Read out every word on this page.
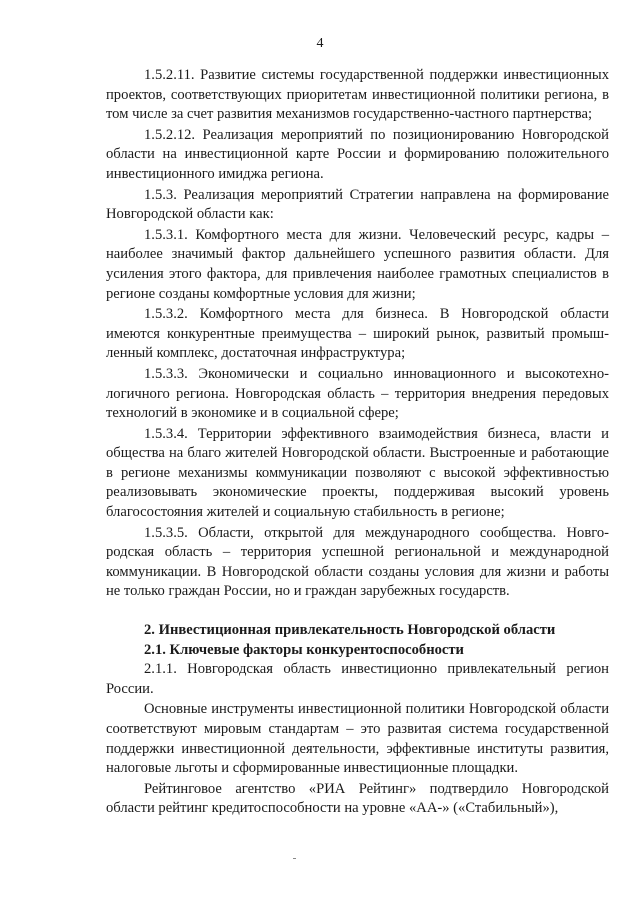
4

1.5.2.11. Развитие системы государственной поддержки инвестиционных проектов, соответствующих приоритетам инвестиционной политики региона, в том числе за счет развития механизмов государственно-частного партнерства;

1.5.2.12. Реализация мероприятий по позиционированию Новгородской области на инвестиционной карте России и формированию положительного инвестиционного имиджа региона.

1.5.3. Реализация мероприятий Стратегии направлена на формирование Новгородской области как:

1.5.3.1. Комфортного места для жизни. Человеческий ресурс, кадры – наиболее значимый фактор дальнейшего успешного развития области. Для усиления этого фактора, для привлечения наиболее грамотных специалистов в регионе созданы комфортные условия для жизни;

1.5.3.2. Комфортного места для бизнеса. В Новгородской области имеются конкурентные преимущества – широкий рынок, развитый промышленный комплекс, достаточная инфраструктура;

1.5.3.3. Экономически и социально инновационного и высокотехнологичного региона. Новгородская область – территория внедрения передовых технологий в экономике и в социальной сфере;

1.5.3.4. Территории эффективного взаимодействия бизнеса, власти и общества на благо жителей Новгородской области. Выстроенные и работающие в регионе механизмы коммуникации позволяют с высокой эффективностью реализовывать экономические проекты, поддерживая высокий уровень благосостояния жителей и социальную стабильность в регионе;

1.5.3.5. Области, открытой для международного сообщества. Новгородская область – территория успешной региональной и международной коммуникации. В Новгородской области созданы условия для жизни и работы не только граждан России, но и граждан зарубежных государств.

2. Инвестиционная привлекательность Новгородской области

2.1. Ключевые факторы конкурентоспособности

2.1.1. Новгородская область инвестиционно привлекательный регион России.

Основные инструменты инвестиционной политики Новгородской области соответствуют мировым стандартам – это развитая система государственной поддержки инвестиционной деятельности, эффективные институты развития, налоговые льготы и сформированные инвестиционные площадки.

Рейтинговое агентство «РИА Рейтинг» подтвердило Новгородской области рейтинг кредитоспособности на уровне «АА-» («Стабильный»),
